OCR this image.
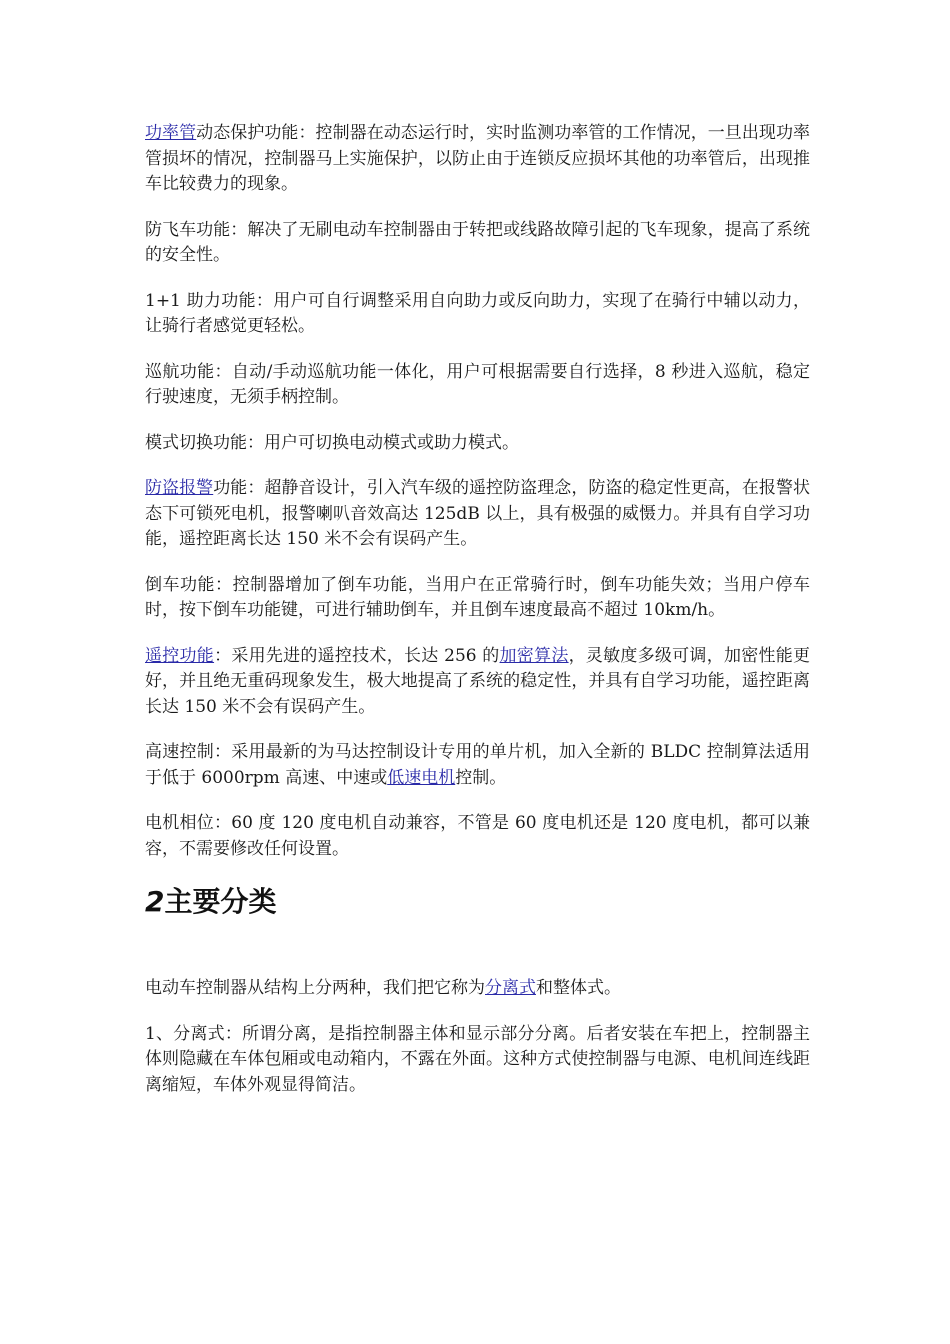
功率管动态保护功能：控制器在动态运行时，实时监测功率管的工作情况，一旦出现功率管损坏的情况，控制器马上实施保护，以防止由于连锁反应损坏其他的功率管后，出现推车比较费力的现象。

防飞车功能：解决了无刷电动车控制器由于转把或线路故障引起的飞车现象，提高了系统的安全性。

1+1 助力功能：用户可自行调整采用自向助力或反向助力，实现了在骑行中辅以动力，让骑行者感觉更轻松。

巡航功能：自动/手动巡航功能一体化，用户可根据需要自行选择，8 秒进入巡航，稳定行驶速度，无须手柄控制。

模式切换功能：用户可切换电动模式或助力模式。

防盗报警功能：超静音设计，引入汽车级的遥控防盗理念，防盗的稳定性更高，在报警状态下可锁死电机，报警喇叭音效高达 125dB 以上，具有极强的威慑力。并具有自学习功能，遥控距离长达 150 米不会有误码产生。

倒车功能：控制器增加了倒车功能，当用户在正常骑行时，倒车功能失效；当用户停车时，按下倒车功能键，可进行辅助倒车，并且倒车速度最高不超过 10km/h。

遥控功能：采用先进的遥控技术，长达 256 的加密算法，灵敏度多级可调，加密性能更好，并且绝无重码现象发生，极大地提高了系统的稳定性，并具有自学习功能，遥控距离长达 150 米不会有误码产生。

高速控制：采用最新的为马达控制设计专用的单片机，加入全新的 BLDC 控制算法适用于低于 6000rpm 高速、中速或低速电机控制。

电机相位：60 度 120 度电机自动兼容，不管是 60 度电机还是 120 度电机，都可以兼容，不需要修改任何设置。

2主要分类

电动车控制器从结构上分两种，我们把它称为分离式和整体式。

1、分离式：所谓分离，是指控制器主体和显示部分分离。后者安装在车把上，控制器主体则隐藏在车体包厢或电动箱内，不露在外面。这种方式使控制器与电源、电机间连线距离缩短，车体外观显得简洁。
